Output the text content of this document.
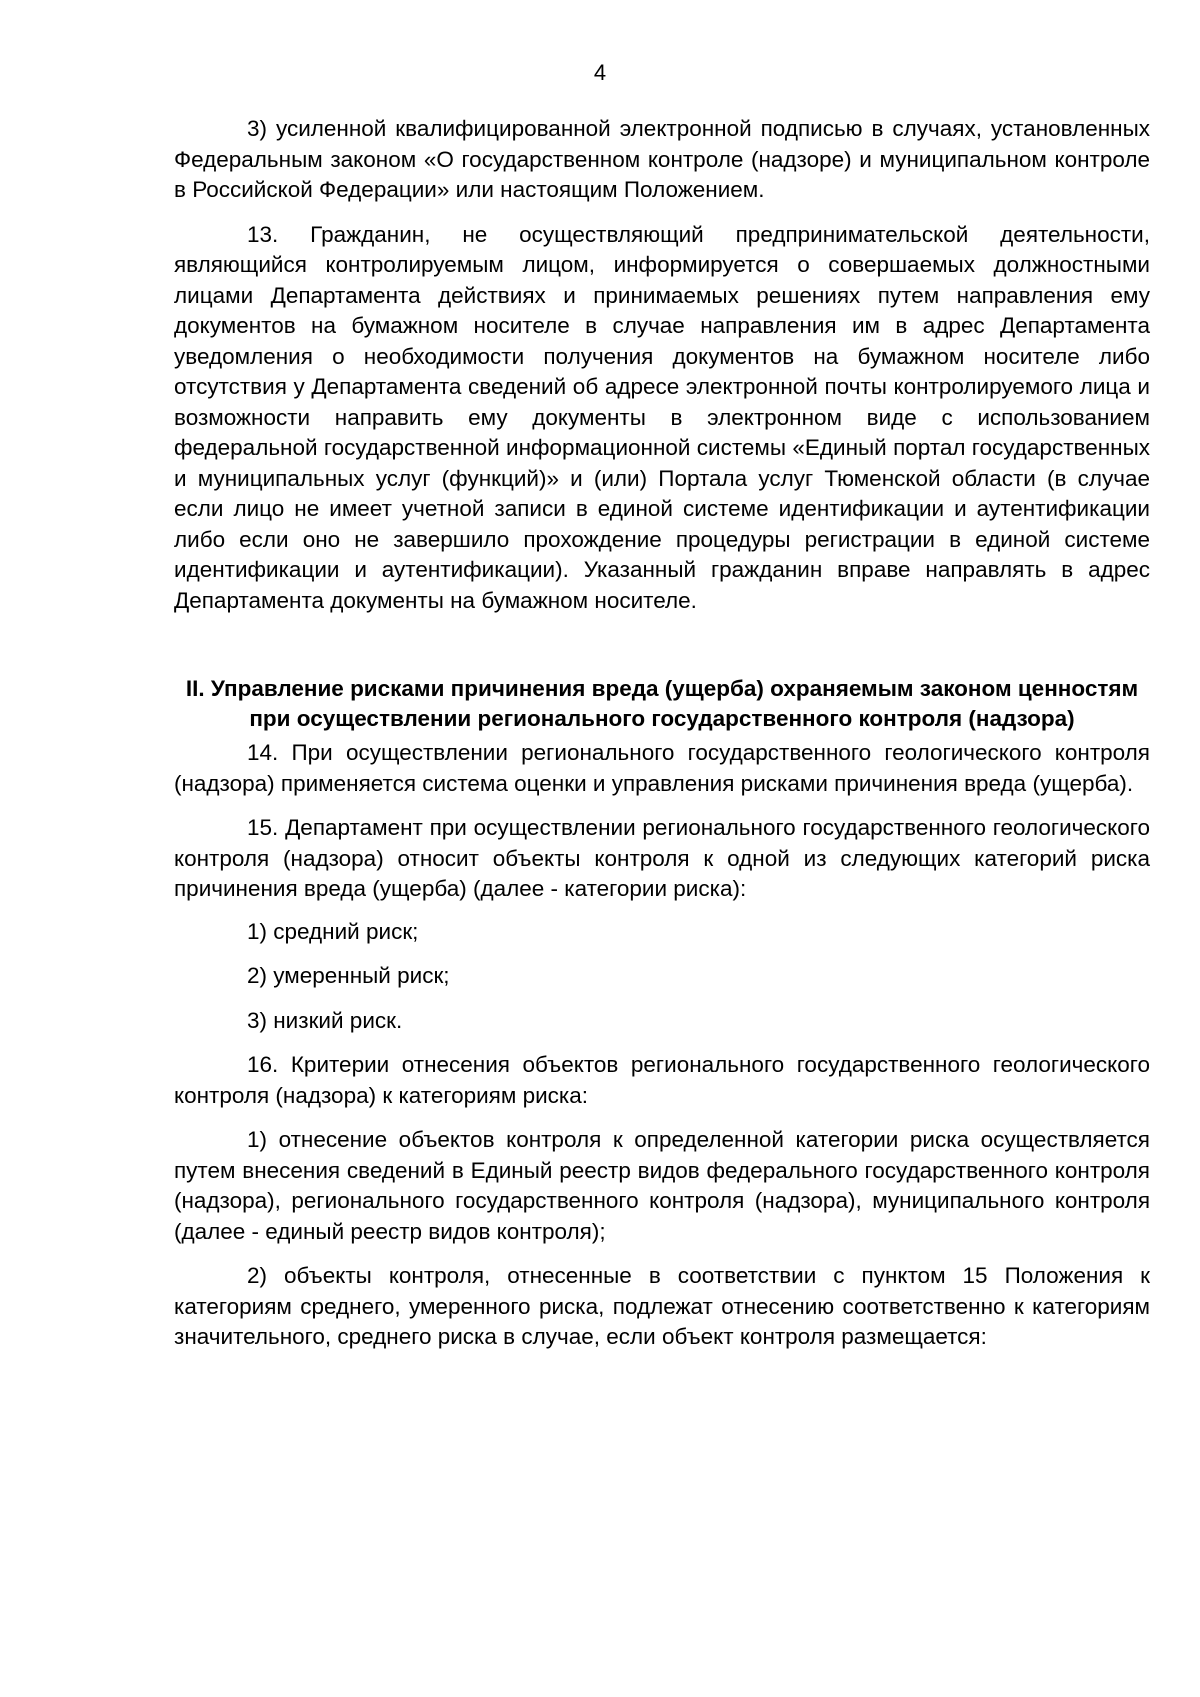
4

3) усиленной квалифицированной электронной подписью в случаях, установленных Федеральным законом «О государственном контроле (надзоре) и муниципальном контроле в Российской Федерации» или настоящим Положением.

13. Гражданин, не осуществляющий предпринимательской деятельности, являющийся контролируемым лицом, информируется о совершаемых должностными лицами Департамента действиях и принимаемых решениях путем направления ему документов на бумажном носителе в случае направления им в адрес Департамента уведомления о необходимости получения документов на бумажном носителе либо отсутствия у Департамента сведений об адресе электронной почты контролируемого лица и возможности направить ему документы в электронном виде с использованием федеральной государственной информационной системы «Единый портал государственных и муниципальных услуг (функций)» и (или) Портала услуг Тюменской области (в случае если лицо не имеет учетной записи в единой системе идентификации и аутентификации либо если оно не завершило прохождение процедуры регистрации в единой системе идентификации и аутентификации). Указанный гражданин вправе направлять в адрес Департамента документы на бумажном носителе.

II. Управление рисками причинения вреда (ущерба) охраняемым законом ценностям при осуществлении регионального государственного контроля (надзора)

14. При осуществлении регионального государственного геологического контроля (надзора) применяется система оценки и управления рисками причинения вреда (ущерба).

15. Департамент при осуществлении регионального государственного геологического контроля (надзора) относит объекты контроля к одной из следующих категорий риска причинения вреда (ущерба) (далее - категории риска):

1) средний риск;

2) умеренный риск;

3) низкий риск.

16. Критерии отнесения объектов регионального государственного геологического контроля (надзора) к категориям риска:

1) отнесение объектов контроля к определенной категории риска осуществляется путем внесения сведений в Единый реестр видов федерального государственного контроля (надзора), регионального государственного контроля (надзора), муниципального контроля (далее - единый реестр видов контроля);

2) объекты контроля, отнесенные в соответствии с пунктом 15 Положения к категориям среднего, умеренного риска, подлежат отнесению соответственно к категориям значительного, среднего риска в случае, если объект контроля размещается:
